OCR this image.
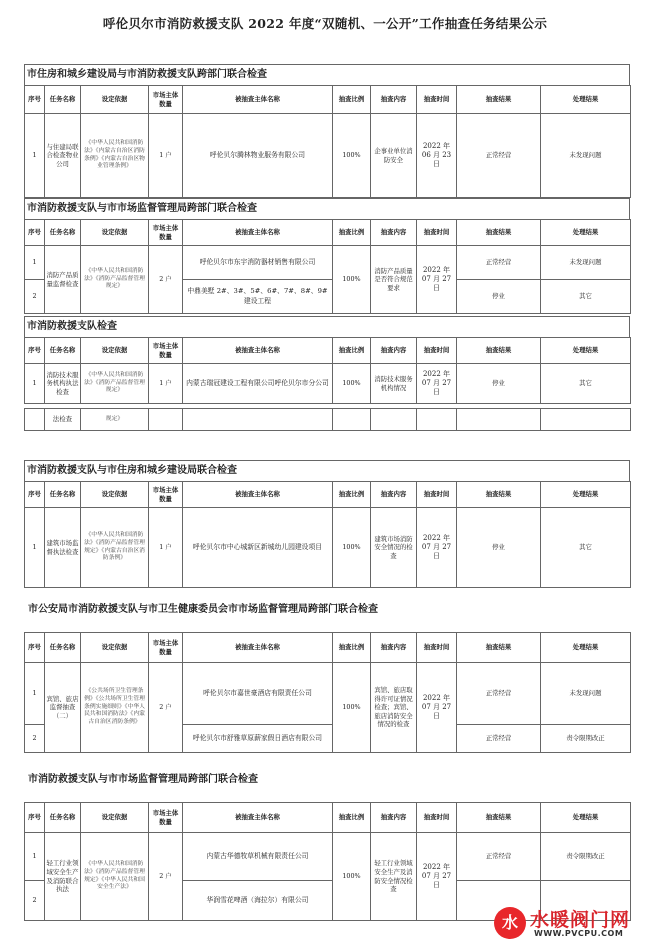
呼伦贝尔市消防救援支队 2022 年度“双随机、一公开”工作抽查任务结果公示
市住房和城乡建设局与市消防救援支队跨部门联合检查
序号	任务名称	设定依据	市场主体数量	被抽查主体名称	抽查比例	抽查内容	抽查时间	抽查结果	处理结果
1	与住建局联合检查物业公司	《中华人民共和国消防法》《内蒙古自治区消防条例》《内蒙古自治区物业管理条例》	1 户	呼伦贝尔腾林物业服务有限公司	100%	企事业单位消防安全	2022 年 06 月 23 日	正常经营	未发现问题
市消防救援支队与市市场监督管理局跨部门联合检查
序号	任务名称	设定依据	市场主体数量	被抽查主体名称	抽查比例	抽查内容	抽查时间	抽查结果	处理结果
1	消防产品质量监督检查	《中华人民共和国消防法》《消防产品监督管理规定》	2 户	呼伦贝尔市东宇消防器材销售有限公司	100%	消防产品质量是否符合规范要求	2022 年 07 月 27 日	正常经营	未发现问题
2				中鼎美墅 2#、3#、5#、6#、7#、8#、9#建设工程				停业	其它
市消防救援支队检查
序号	任务名称	设定依据	市场主体数量	被抽查主体名称	抽查比例	抽查内容	抽查时间	抽查结果	处理结果
1	消防技术服务机构执法检查	《中华人民共和国消防法》《消防产品监督管理规定》	1 户	内蒙古瑞冠建设工程有限公司呼伦贝尔市分公司	100%	消防技术服务机构情况	2022 年 07 月 27 日	停业	其它
	法检查	规定》							
市消防救援支队与市住房和城乡建设局联合检查
序号	任务名称	设定依据	市场主体数量	被抽查主体名称	抽查比例	抽查内容	抽查时间	抽查结果	处理结果
1	建筑市场监督执法检查	《中华人民共和国消防法》《消防产品监督管理规定》《内蒙古自治区消防条例》	1 户	呼伦贝尔市中心城新区新城幼儿园建设项目	100%	建筑市场消防安全情况的检查	2022 年 07 月 27 日	停业	其它
市公安局市消防救援支队与市卫生健康委员会市市场监督管理局跨部门联合检查
序号	任务名称	设定依据	市场主体数量	被抽查主体名称	抽查比例	抽查内容	抽查时间	抽查结果	处理结果
1	宾馆、旅店监督抽查（二）	《公共场所卫生管理条例》《公共场所卫生管理条例实施细则》《中华人民共和国消防法》《内蒙古自治区消防条例》	2 户	呼伦贝尔市嘉世豪酒店有限责任公司	100%	宾馆、旅店取得许可证情况检查；宾馆、旅店消防安全情况的检查	2022 年 07 月 27 日	正常经营	未发现问题
2				呼伦贝尔市舒雅草原薪家假日酒店有限公司				正常经营	责令限期改正
市消防救援支队与市市场监督管理局跨部门联合检查
序号	任务名称	设定依据	市场主体数量	被抽查主体名称	抽查比例	抽查内容	抽查时间	抽查结果	处理结果
1	轻工行业领域安全生产及消防联合执法	《中华人民共和国消防法》《消防产品监督管理规定》《中华人民共和国安全生产法》	2 户	内蒙古华德牧草机械有限责任公司	100%	轻工行业领域安全生产及消防安全情况检查	2022 年 07 月 27 日	正常经营	责令限期改正
2				华润雪花啤酒（海拉尔）有限公司					
水 水暖阀门网
WWW.PVCPU.COM
